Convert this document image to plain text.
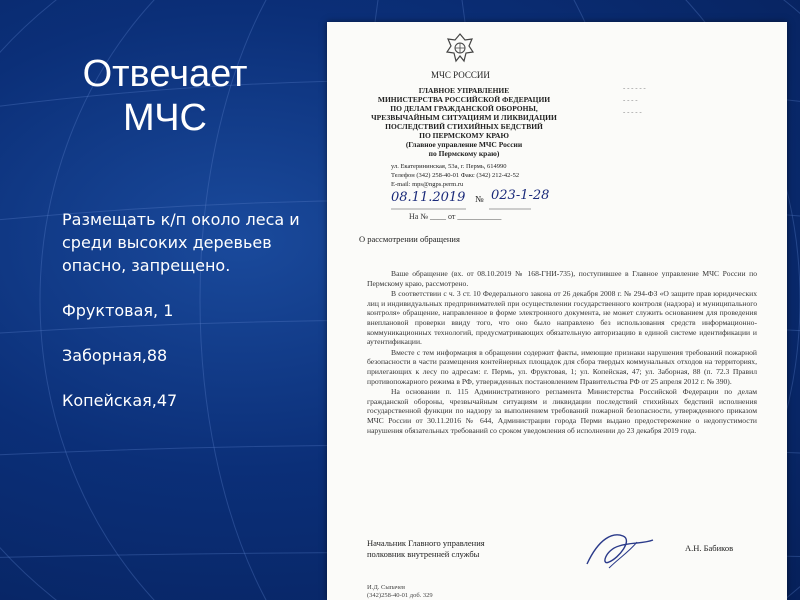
Отвечает
МЧС
Размещать к/п около леса и среди высоких деревьев опасно, запрещено.
Фруктовая, 1
Заборная,88
Копейская,47
МЧС РОССИИ
ГЛАВНОЕ УПРАВЛЕНИЕ
МИНИСТЕРСТВА РОССИЙСКОЙ ФЕДЕРАЦИИ
ПО ДЕЛАМ ГРАЖДАНСКОЙ ОБОРОНЫ,
ЧРЕЗВЫЧАЙНЫМ СИТУАЦИЯМ И ЛИКВИДАЦИИ
ПОСЛЕДСТВИЙ СТИХИЙНЫХ БЕДСТВИЙ
ПО ПЕРМСКОМУ КРАЮ
(Главное управление МЧС России
по Пермскому краю)
ул. Екатерининская, 53а, г. Пермь, 614990
Телефон (342) 258-40-01 Факс (342) 212-42-52
E-mail: mps@ngps.perm.ru
- - - - - -
- - - -
- - - - -
08.11.2019 № 023-1-28
На № ____ от ___________
О рассмотрении обращения

Ваше обращение (вх. от 08.10.2019 № 168-ГНИ-735), поступившее в Главное управление МЧС России по Пермскому краю, рассмотрено.

В соответствии с ч. 3 ст. 10 Федерального закона от 26 декабря 2008 г. № 294-ФЗ «О защите прав юридических лиц и индивидуальных предпринимателей при осуществлении государственного контроля (надзора) и муниципального контроля» обращение, направленное в форме электронного документа, не может служить основанием для проведения внеплановой проверки ввиду того, что оно было направлено без использования средств информационно-коммуникационных технологий, предусматривающих обязательную авторизацию в единой системе идентификации и аутентификации.

Вместе с тем информация в обращении содержит факты, имеющие признаки нарушения требований пожарной безопасности в части размещения контейнерных площадок для сбора твердых коммунальных отходов на территориях, прилегающих к лесу по адресам: г. Пермь, ул. Фруктовая, 1; ул. Копейская, 47; ул. Заборная, 88 (п. 72.3 Правил противопожарного режима в РФ, утвержденных постановлением Правительства РФ от 25 апреля 2012 г. № 390).

На основании п. 115 Административного регламента Министерства Российской Федерации по делам гражданской обороны, чрезвычайным ситуациям и ликвидации последствий стихийных бедствий исполнения государственной функции по надзору за выполнением требований пожарной безопасности, утвержденного приказом МЧС России от 30.11.2016 № 644, Администрации города Перми выдано предостережение о недопустимости нарушения обязательных требований со сроком уведомления об исполнении до 23 декабря 2019 года.

Начальник Главного управления
полковник внутренней службы
А.Н. Бабиков
И.Д. Сыпачев
(342)258-40-01 доб. 329
